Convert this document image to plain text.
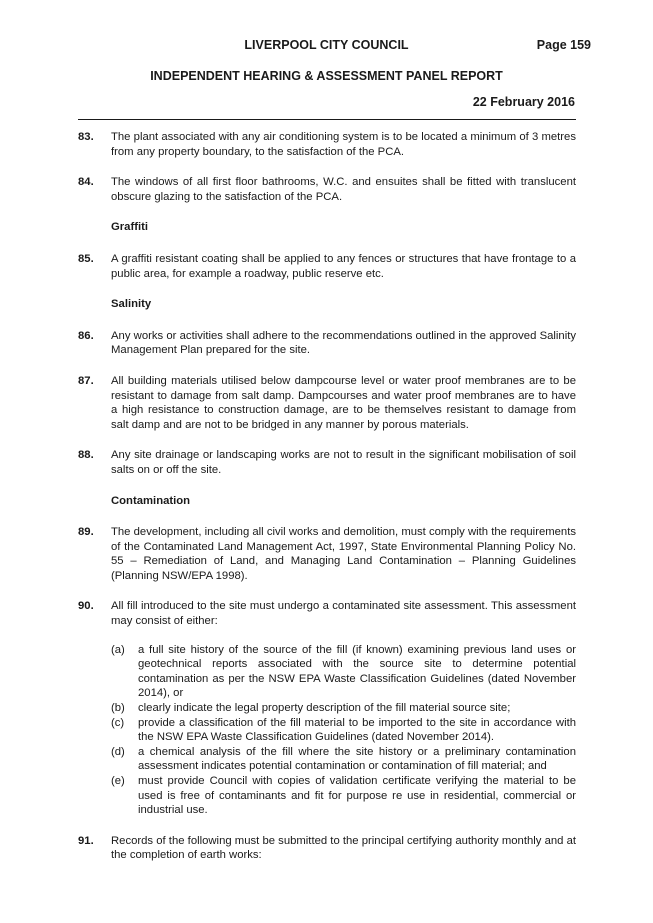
LIVERPOOL CITY COUNCIL	Page 159
INDEPENDENT HEARING & ASSESSMENT PANEL REPORT
22 February 2016
83.	The plant associated with any air conditioning system is to be located a minimum of 3 metres from any property boundary, to the satisfaction of the PCA.
84.	The windows of all first floor bathrooms, W.C. and ensuites shall be fitted with translucent obscure glazing to the satisfaction of the PCA.
Graffiti
85.	A graffiti resistant coating shall be applied to any fences or structures that have frontage to a public area, for example a roadway, public reserve etc.
Salinity
86.	Any works or activities shall adhere to the recommendations outlined in the approved Salinity Management Plan prepared for the site.
87.	All building materials utilised below dampcourse level or water proof membranes are to be resistant to damage from salt damp. Dampcourses and water proof membranes are to have a high resistance to construction damage, are to be themselves resistant to damage from salt damp and are not to be bridged in any manner by porous materials.
88.	Any site drainage or landscaping works are not to result in the significant mobilisation of soil salts on or off the site.
Contamination
89.	The development, including all civil works and demolition, must comply with the requirements of the Contaminated Land Management Act, 1997, State Environmental Planning Policy No. 55 – Remediation of Land, and Managing Land Contamination – Planning Guidelines (Planning NSW/EPA 1998).
90.	All fill introduced to the site must undergo a contaminated site assessment. This assessment may consist of either:
(a)	a full site history of the source of the fill (if known) examining previous land uses or geotechnical reports associated with the source site to determine potential contamination as per the NSW EPA Waste Classification Guidelines (dated November 2014), or
(b)	clearly indicate the legal property description of the fill material source site;
(c)	provide a classification of the fill material to be imported to the site in accordance with the NSW EPA Waste Classification Guidelines (dated November 2014).
(d)	a chemical analysis of the fill where the site history or a preliminary contamination assessment indicates potential contamination or contamination of fill material; and
(e)	must provide Council with copies of validation certificate verifying the material to be used is free of contaminants and fit for purpose re use in residential, commercial or industrial use.
91.	Records of the following must be submitted to the principal certifying authority monthly and at the completion of earth works:
